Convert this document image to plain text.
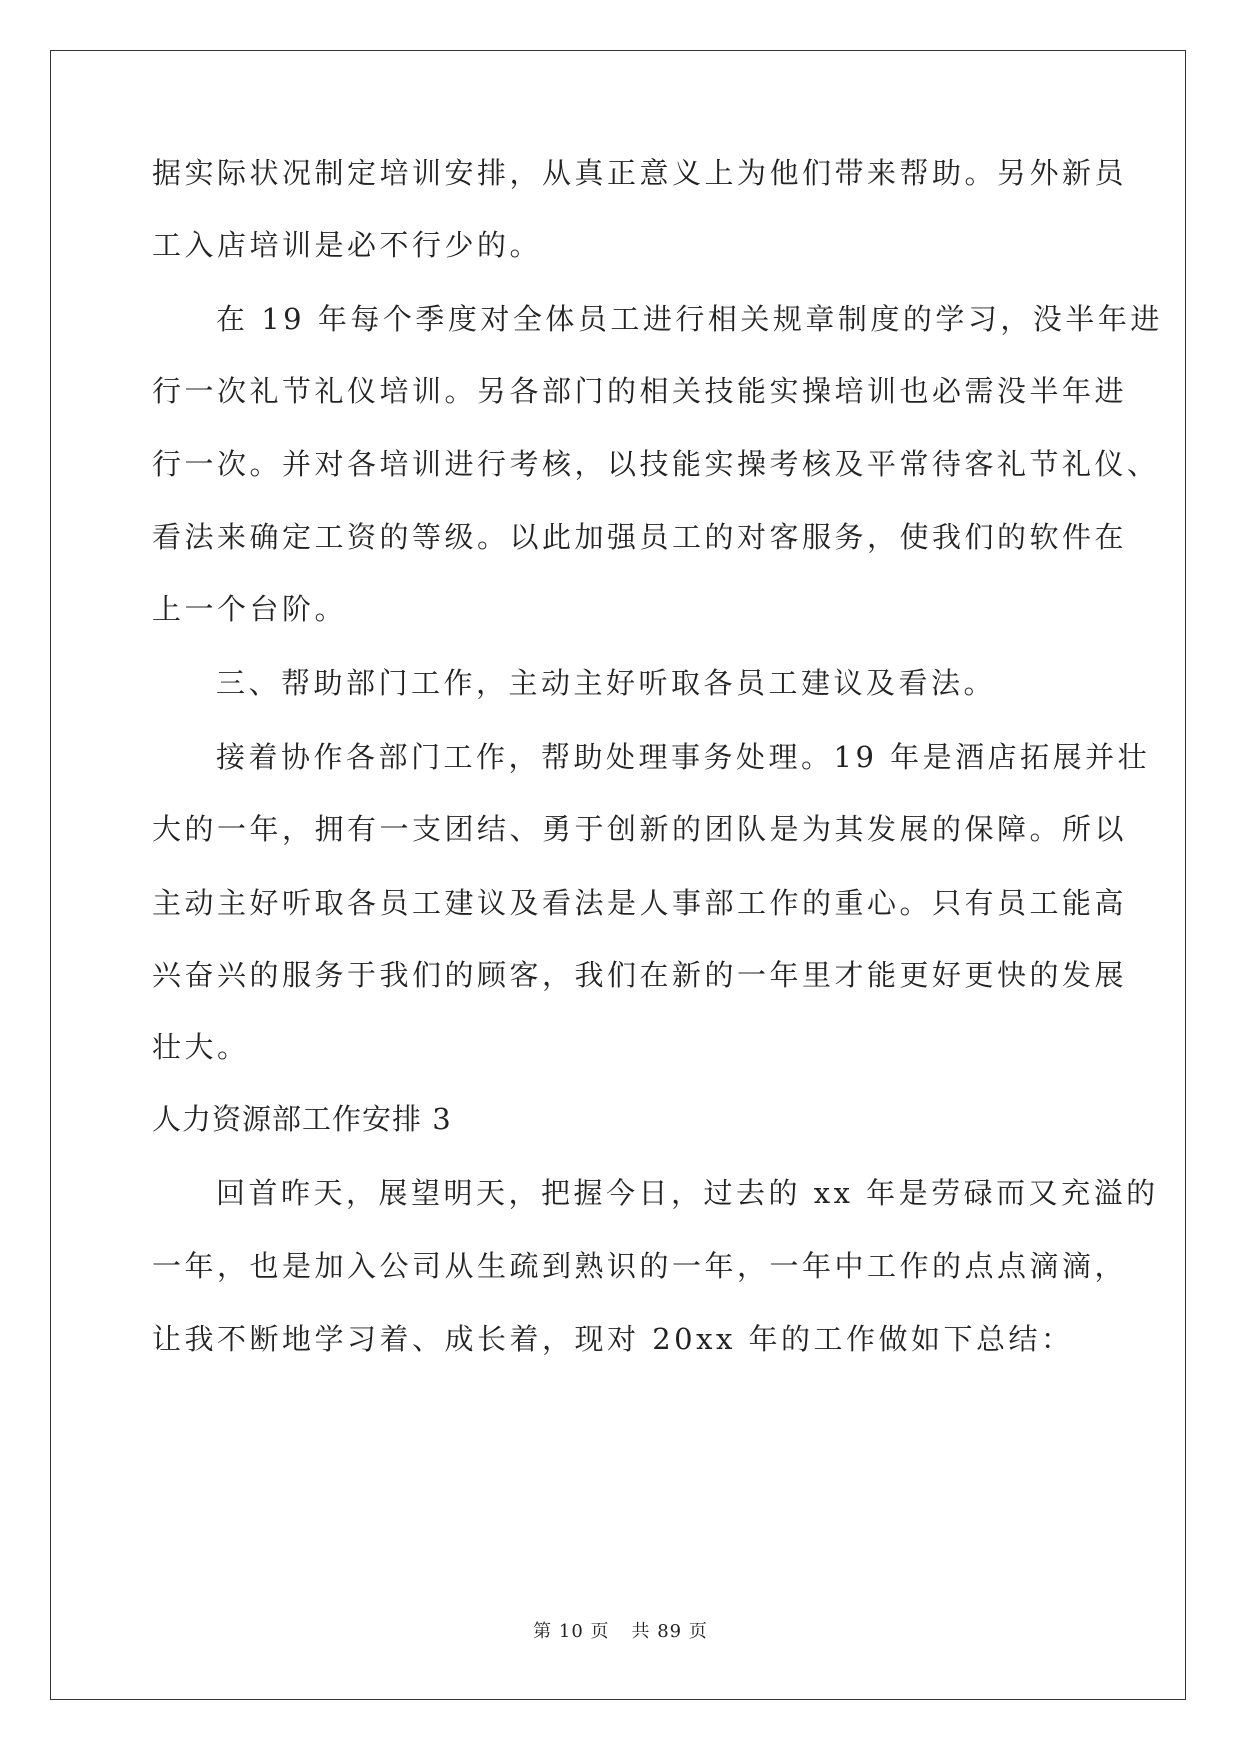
据实际状况制定培训安排，从真正意义上为他们带来帮助。另外新员
工入店培训是必不行少的。
在 19 年每个季度对全体员工进行相关规章制度的学习，没半年进
行一次礼节礼仪培训。另各部门的相关技能实操培训也必需没半年进
行一次。并对各培训进行考核，以技能实操考核及平常待客礼节礼仪、
看法来确定工资的等级。以此加强员工的对客服务，使我们的软件在
上一个台阶。
三、帮助部门工作，主动主好听取各员工建议及看法。
接着协作各部门工作，帮助处理事务处理。19 年是酒店拓展并壮
大的一年，拥有一支团结、勇于创新的团队是为其发展的保障。所以
主动主好听取各员工建议及看法是人事部工作的重心。只有员工能高
兴奋兴的服务于我们的顾客，我们在新的一年里才能更好更快的发展
壮大。
人力资源部工作安排 3
回首昨天，展望明天，把握今日，过去的 xx 年是劳碌而又充溢的
一年，也是加入公司从生疏到熟识的一年，一年中工作的点点滴滴，
让我不断地学习着、成长着，现对 20xx 年的工作做如下总结：
第 10 页 共 89 页
